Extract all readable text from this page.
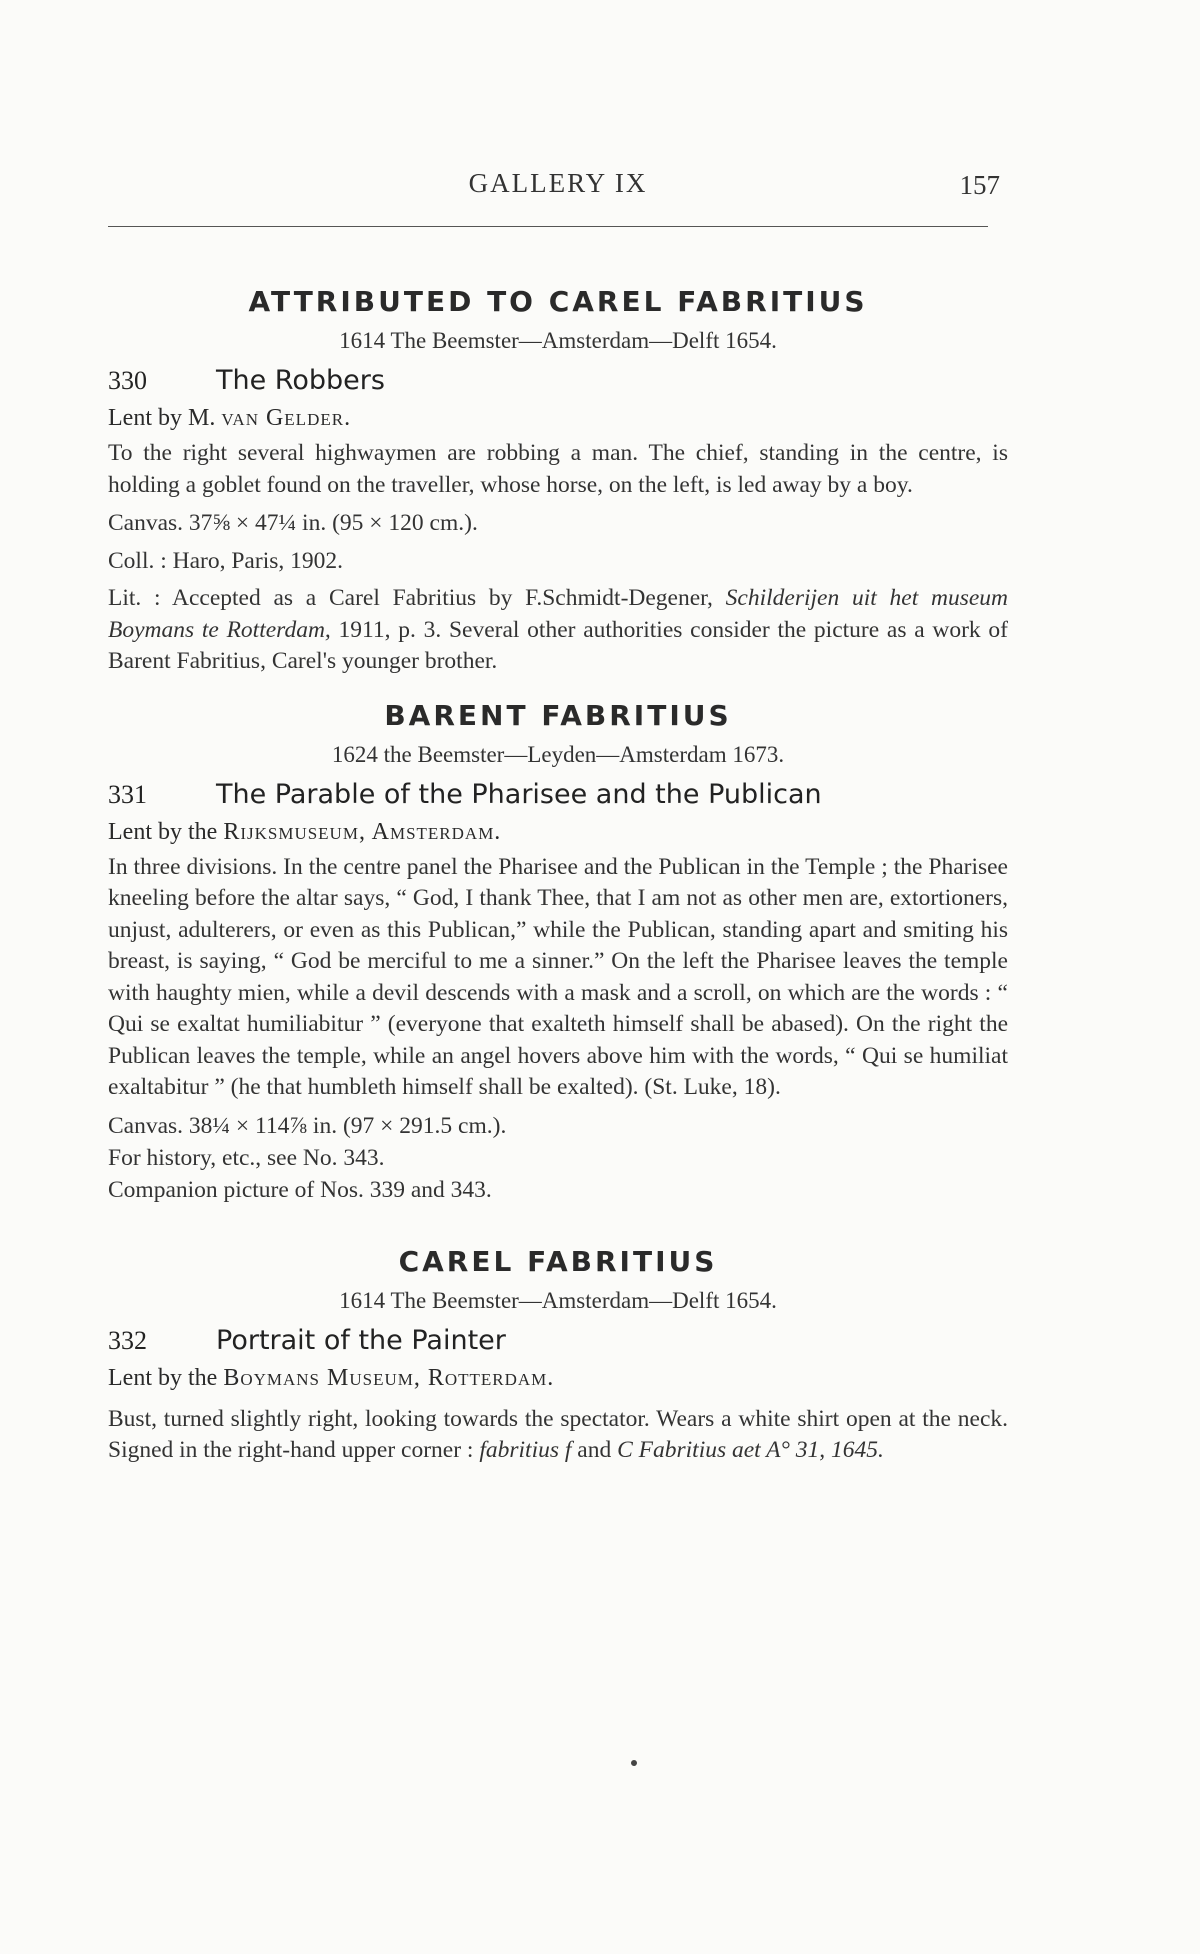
GALLERY IX	157
ATTRIBUTED TO CAREL FABRITIUS

1614 The Beemster—Amsterdam—Delft 1654.

330	The Robbers

Lent by M. van Gelder.

To the right several highwaymen are robbing a man. The chief, standing in the centre, is holding a goblet found on the traveller, whose horse, on the left, is led away by a boy.

Canvas. 37⅝ × 47¼ in. (95 × 120 cm.).

Coll. : Haro, Paris, 1902.

Lit. : Accepted as a Carel Fabritius by F.Schmidt-Degener, Schilderijen uit het museum Boymans te Rotterdam, 1911, p. 3. Several other authorities consider the picture as a work of Barent Fabritius, Carel's younger brother.

BARENT FABRITIUS

1624 the Beemster—Leyden—Amsterdam 1673.

331	The Parable of the Pharisee and the Publican

Lent by the Rijksmuseum, Amsterdam.

In three divisions. In the centre panel the Pharisee and the Publican in the Temple ; the Pharisee kneeling before the altar says, “ God, I thank Thee, that I am not as other men are, extortioners, unjust, adulterers, or even as this Publican,” while the Publican, standing apart and smiting his breast, is saying, “ God be merciful to me a sinner.” On the left the Pharisee leaves the temple with haughty mien, while a devil descends with a mask and a scroll, on which are the words : “ Qui se exaltat humiliabitur ” (everyone that exalteth himself shall be abased). On the right the Publican leaves the temple, while an angel hovers above him with the words, “ Qui se humiliat exaltabitur ” (he that humbleth himself shall be exalted). (St. Luke, 18).

Canvas. 38¼ × 114⅞ in. (97 × 291.5 cm.).

For history, etc., see No. 343.

Companion picture of Nos. 339 and 343.

CAREL FABRITIUS

1614 The Beemster—Amsterdam—Delft 1654.

332	Portrait of the Painter

Lent by the Boymans Museum, Rotterdam.

Bust, turned slightly right, looking towards the spectator. Wears a white shirt open at the neck. Signed in the right-hand upper corner : fabritius f and C Fabritius aet A° 31, 1645.
